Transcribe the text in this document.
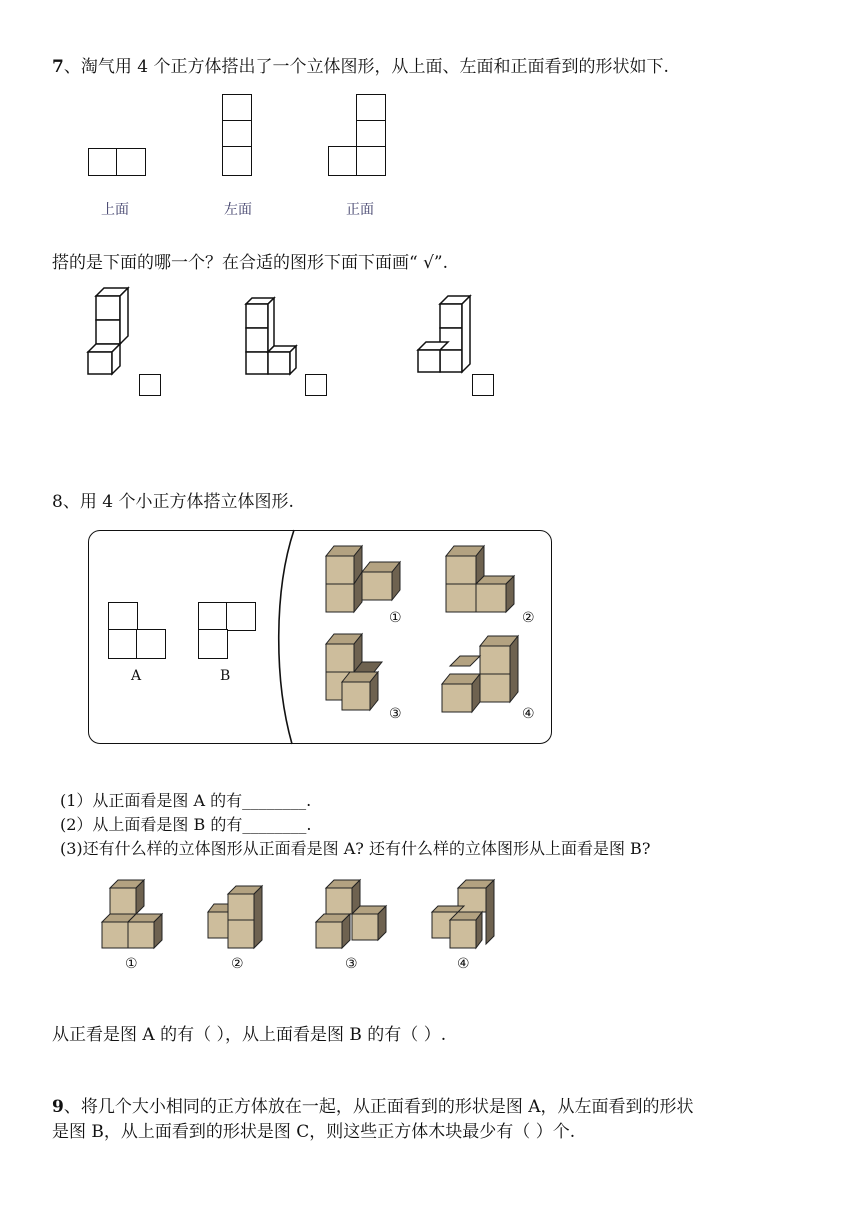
7、淘气用 4 个正方体搭出了一个立体图形，从上面、左面和正面看到的形状如下.
上面	左面	正面
搭的是下面的哪一个？在合适的图形下面下面画“ √”.
8、用 4 个小正方体搭立体图形.
A	B
①	②
③	④
(1）从正面看是图 A 的有________.
(2）从上面看是图 B 的有________.
(3)还有什么样的立体图形从正面看是图 A? 还有什么样的立体图形从上面看是图 B?
①	②	③	④
从正看是图 A 的有（ ），从上面看是图 B 的有（ ）.
9、将几个大小相同的正方体放在一起，从正面看到的形状是图 A，从左面看到的形状
是图 B，从上面看到的形状是图 C，则这些正方体木块最少有（ ）个.
